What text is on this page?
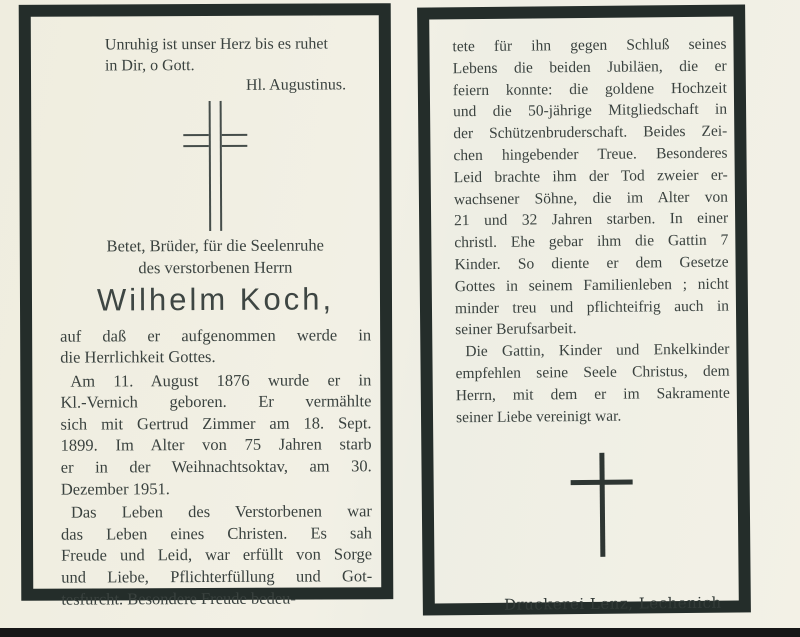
Unruhig ist unser Herz bis es ruhet
in Dir, o Gott.
Hl. Augustinus.
Betet, Brüder, für die Seelenruhe
des verstorbenen Herrn
Wilhelm Koch,
auf daß er aufgenommen werde in
die Herrlichkeit Gottes.
Am 11. August 1876 wurde er in
Kl.-Vernich geboren. Er vermählte
sich mit Gertrud Zimmer am 18. Sept.
1899. Im Alter von 75 Jahren starb
er in der Weihnachtsoktav, am 30.
Dezember 1951.
Das Leben des Verstorbenen war
das Leben eines Christen. Es sah
Freude und Leid, war erfüllt von Sorge
und Liebe, Pflichterfüllung und Got-
tesfurcht. Besondere Freude bedeu-
tete für ihn gegen Schluß seines
Lebens die beiden Jubiläen, die er
feiern konnte: die goldene Hochzeit
und die 50-jährige Mitgliedschaft in
der Schützenbruderschaft. Beides Zei-
chen hingebender Treue. Besonderes
Leid brachte ihm der Tod zweier er-
wachsener Söhne, die im Alter von
21 und 32 Jahren starben. In einer
christl. Ehe gebar ihm die Gattin 7
Kinder. So diente er dem Gesetze
Gottes in seinem Familienleben ; nicht
minder treu und pflichteifrig auch in
seiner Berufsarbeit.
Die Gattin, Kinder und Enkelkinder
empfehlen seine Seele Christus, dem
Herrn, mit dem er im Sakramente
seiner Liebe vereinigt war.
Druckerei Lenz, Lechenich
